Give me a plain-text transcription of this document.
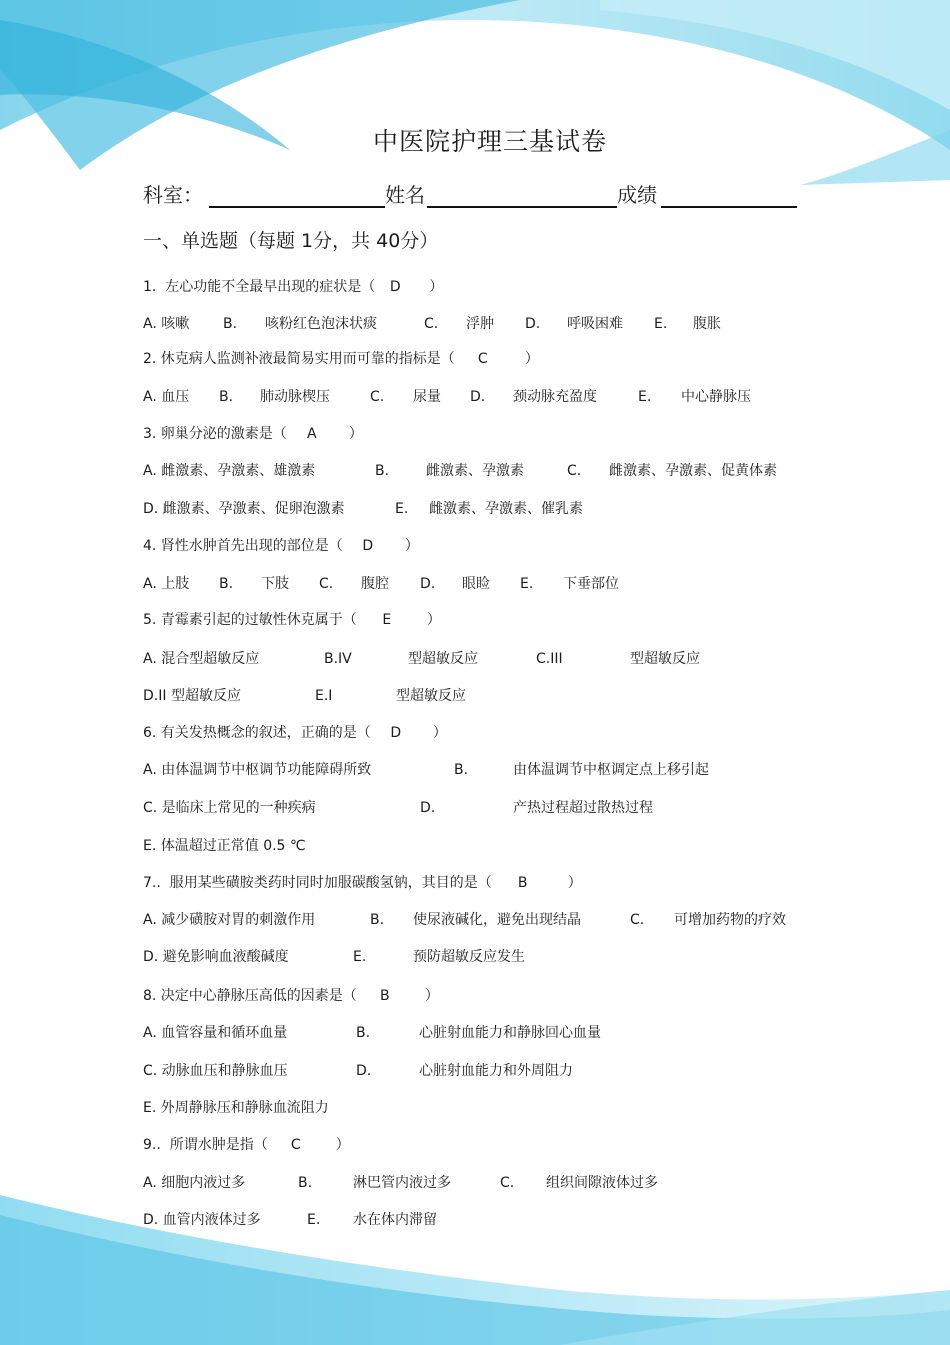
中医院护理三基试卷
科室：	姓名	成绩
一、单选题（每题 1分，共 40分）
1.  左心功能不全最早出现的症状是（ D ）
A. 咳嗽 B. 咳粉红色泡沫状痰	C. 浮肿 D. 呼吸困难 E. 腹胀
2. 休克病人监测补液最简易实用而可靠的指标是（ C	）
A. 血压 B. 肺动脉楔压	C. 尿量 D. 颈动脉充盈度	E. 中心静脉压
3. 卵巢分泌的激素是（ A ）
A. 雌激素、孕激素、雄激素	B.	雌激素、孕激素	C. 雌激素、孕激素、促黄体素
D. 雌激素、孕激素、促卵泡激素	E. 雌激素、孕激素、催乳素
4. 肾性水肿首先出现的部位是（ D ）
A. 上肢 B. 下肢 C. 腹腔 D. 眼睑 E. 下垂部位
5. 青霉素引起的过敏性休克属于（ E	）
A. 混合型超敏反应	B.IV	型超敏反应	C.III	型超敏反应
D.II 型超敏反应	E.I	型超敏反应
6. 有关发热概念的叙述，正确的是（ D ）
A. 由体温调节中枢调节功能障碍所致	B.	由体温调节中枢调定点上移引起
C. 是临床上常见的一种疾病	D.	产热过程超过散热过程
E. 体温超过正常值 0.5 ℃
7..  服用某些磺胺类药时同时加服碳酸氢钠，其目的是（ B	）
A. 减少磺胺对胃的刺激作用	B. 使尿液碱化，避免出现结晶	C. 可增加药物的疗效
D. 避免影响血液酸碱度	E.	预防超敏反应发生
8. 决定中心静脉压高低的因素是（ B	）
A. 血管容量和循环血量	B.	心脏射血能力和静脉回心血量
C. 动脉血压和静脉血压	D.	心脏射血能力和外周阻力
E. 外周静脉压和静脉血流阻力
9..  所谓水肿是指（ C	）
A. 细胞内液过多	B.	淋巴管内液过多	C. 组织间隙液体过多
D. 血管内液体过多	E. 水在体内滞留
